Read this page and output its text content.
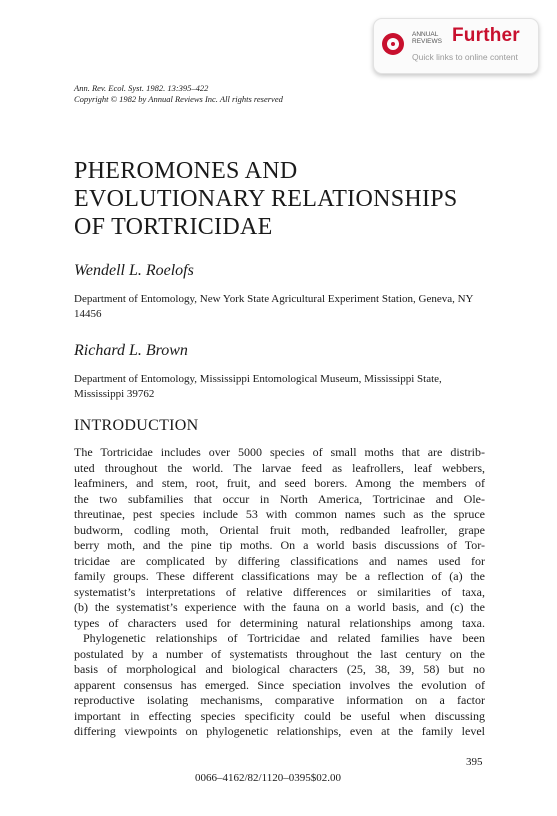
ANNUAL
REVIEWS Further
Quick links to online content
Ann. Rev. Ecol. Syst. 1982. 13:395–422
Copyright © 1982 by Annual Reviews Inc. All rights reserved
PHEROMONES AND
EVOLUTIONARY RELATIONSHIPS
OF TORTRICIDAE
Wendell L. Roelofs
Department of Entomology, New York State Agricultural Experiment Station, Geneva, NY 14456
Richard L. Brown
Department of Entomology, Mississippi Entomological Museum, Mississippi State, Mississippi 39762
INTRODUCTION

The Tortricidae includes over 5000 species of small moths that are distrib-
uted throughout the world. The larvae feed as leafrollers, leaf webbers,
leafminers, and stem, root, fruit, and seed borers. Among the members of
the two subfamilies that occur in North America, Tortricinae and Ole-
threutinae, pest species include 53 with common names such as the spruce
budworm, codling moth, Oriental fruit moth, redbanded leafroller, grape
berry moth, and the pine tip moths. On a world basis discussions of Tor-
tricidae are complicated by differing classifications and names used for
family groups. These different classifications may be a reflection of (a) the
systematist’s interpretations of relative differences or similarities of taxa,
(b) the systematist’s experience with the fauna on a world basis, and (c) the
types of characters used for determining natural relationships among taxa.

Phylogenetic relationships of Tortricidae and related families have been
postulated by a number of systematists throughout the last century on the
basis of morphological and biological characters (25, 38, 39, 58) but no
apparent consensus has emerged. Since speciation involves the evolution of
reproductive isolating mechanisms, comparative information on a factor
important in effecting species specificity could be useful when discussing
differing viewpoints on phylogenetic relationships, even at the family level

395
0066–4162/82/1120–0395$02.00
